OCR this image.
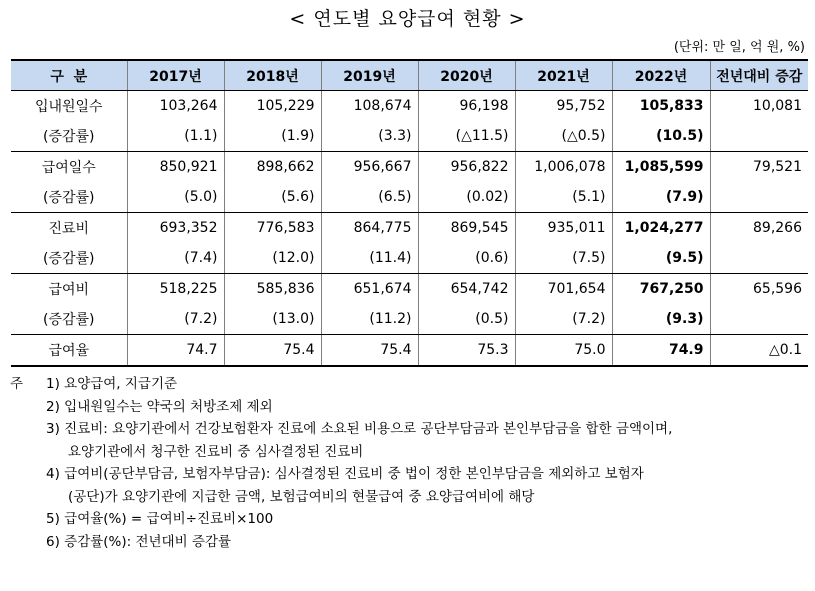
< 연도별 요양급여 현황 >
(단위: 만 일, 억 원, %)
구  분	2017년	2018년	2019년	2020년	2021년	2022년	전년대비 증감
입내원일수	103,264	105,229	108,674	96,198	95,752	105,833	10,081
(증감률)	(1.1)	(1.9)	(3.3)	(△11.5)	(△0.5)	(10.5)	
급여일수	850,921	898,662	956,667	956,822	1,006,078	1,085,599	79,521
(증감률)	(5.0)	(5.6)	(6.5)	(0.02)	(5.1)	(7.9)	
진료비	693,352	776,583	864,775	869,545	935,011	1,024,277	89,266
(증감률)	(7.4)	(12.0)	(11.4)	(0.6)	(7.5)	(9.5)	
급여비	518,225	585,836	651,674	654,742	701,654	767,250	65,596
(증감률)	(7.2)	(13.0)	(11.2)	(0.5)	(7.2)	(9.3)	
급여율	74.7	75.4	75.4	75.3	75.0	74.9	△0.1
주 1) 요양급여, 지급기준
2) 입내원일수는 약국의 처방조제 제외
3) 진료비: 요양기관에서 건강보험환자 진료에 소요된 비용으로 공단부담금과 본인부담금을 합한 금액이며,
요양기관에서 청구한 진료비 중 심사결정된 진료비
4) 급여비(공단부담금, 보험자부담금): 심사결정된 진료비 중 법이 정한 본인부담금을 제외하고 보험자
(공단)가 요양기관에 지급한 금액, 보험급여비의 현물급여 중 요양급여비에 해당
5) 급여율(%) = 급여비÷진료비×100
6) 증감률(%): 전년대비 증감률
